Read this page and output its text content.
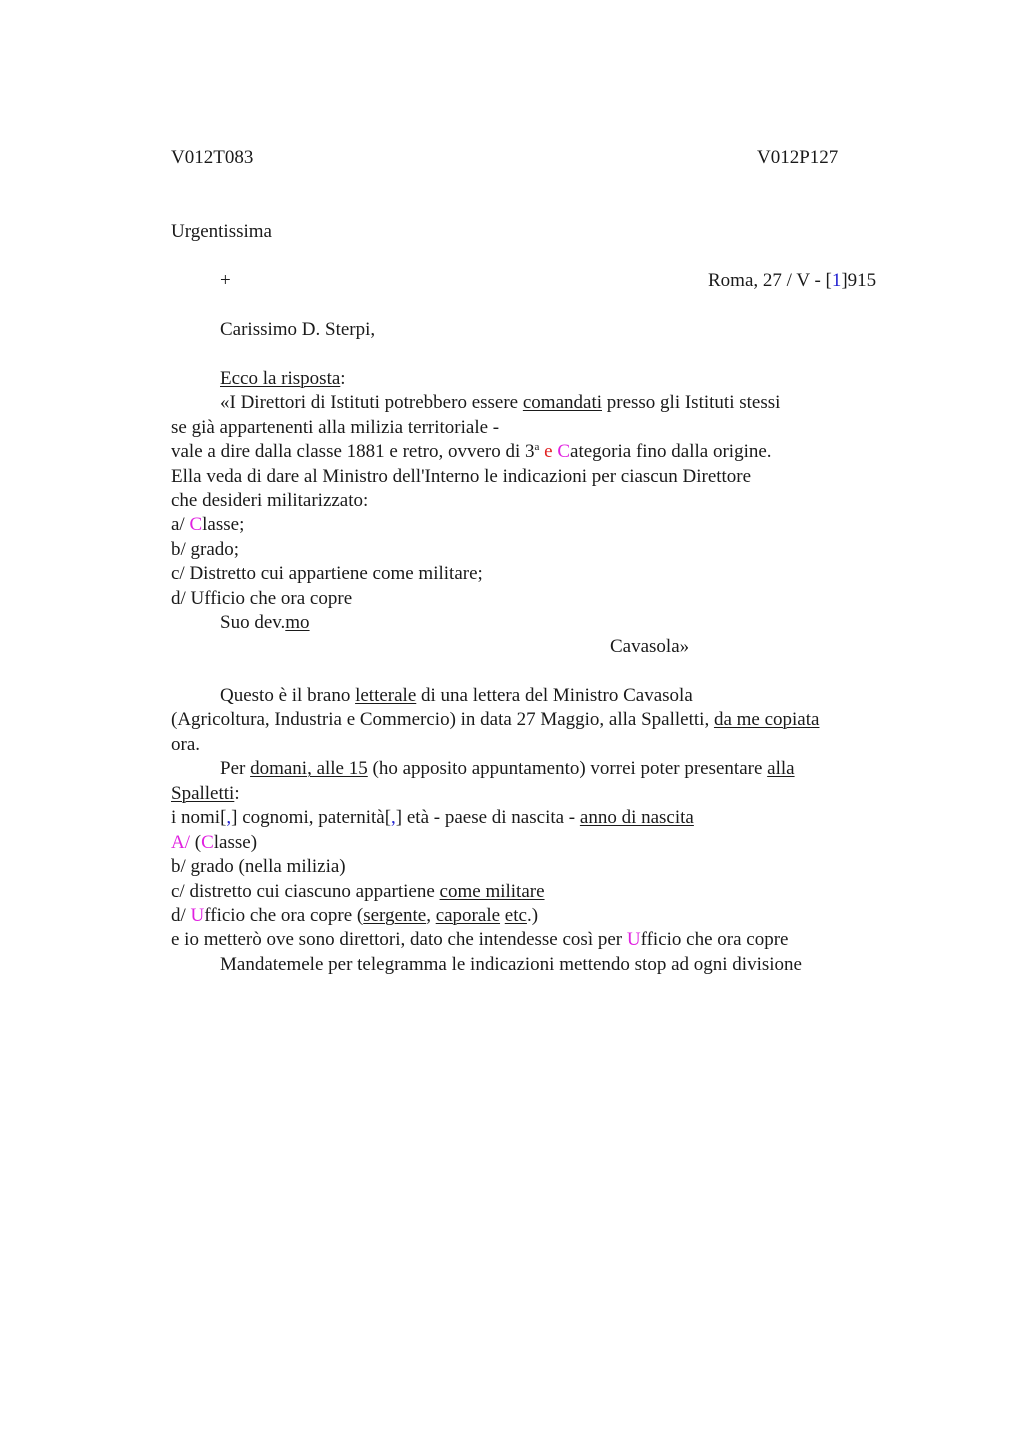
V012T083	V012P127
Urgentissima
+	Roma, 27 / V - [1]915
Carissimo D. Sterpi,
Ecco la risposta:
«I Direttori di Istituti potrebbero essere comandati presso gli Istituti stessi
se già appartenenti alla milizia territoriale -
vale a dire dalla classe 1881 e retro, ovvero di 3$^a$ e Categoria fino dalla origine.
Ella veda di dare al Ministro dell'Interno le indicazioni per ciascun Direttore
che desideri militarizzato:
a/ Classe;
b/ grado;
c/ Distretto cui appartiene come militare;
d/ Ufficio che ora copre
Suo dev.mo
Cavasola»
Questo è il brano letterale di una lettera del Ministro Cavasola
(Agricoltura, Industria e Commercio) in data 27 Maggio, alla Spalletti, da me copiata
ora.
Per domani, alle 15 (ho apposito appuntamento) vorrei poter presentare alla
Spalletti:
i nomi[,] cognomi, paternità[,] età - paese di nascita - anno di nascita
A/ (Classe)
b/ grado (nella milizia)
c/ distretto cui ciascuno appartiene come militare
d/ Ufficio che ora copre (sergente, caporale etc.)
e io metterò ove sono direttori, dato che intendesse così per Ufficio che ora copre
Mandatemele per telegramma le indicazioni mettendo stop ad ogni divisione
